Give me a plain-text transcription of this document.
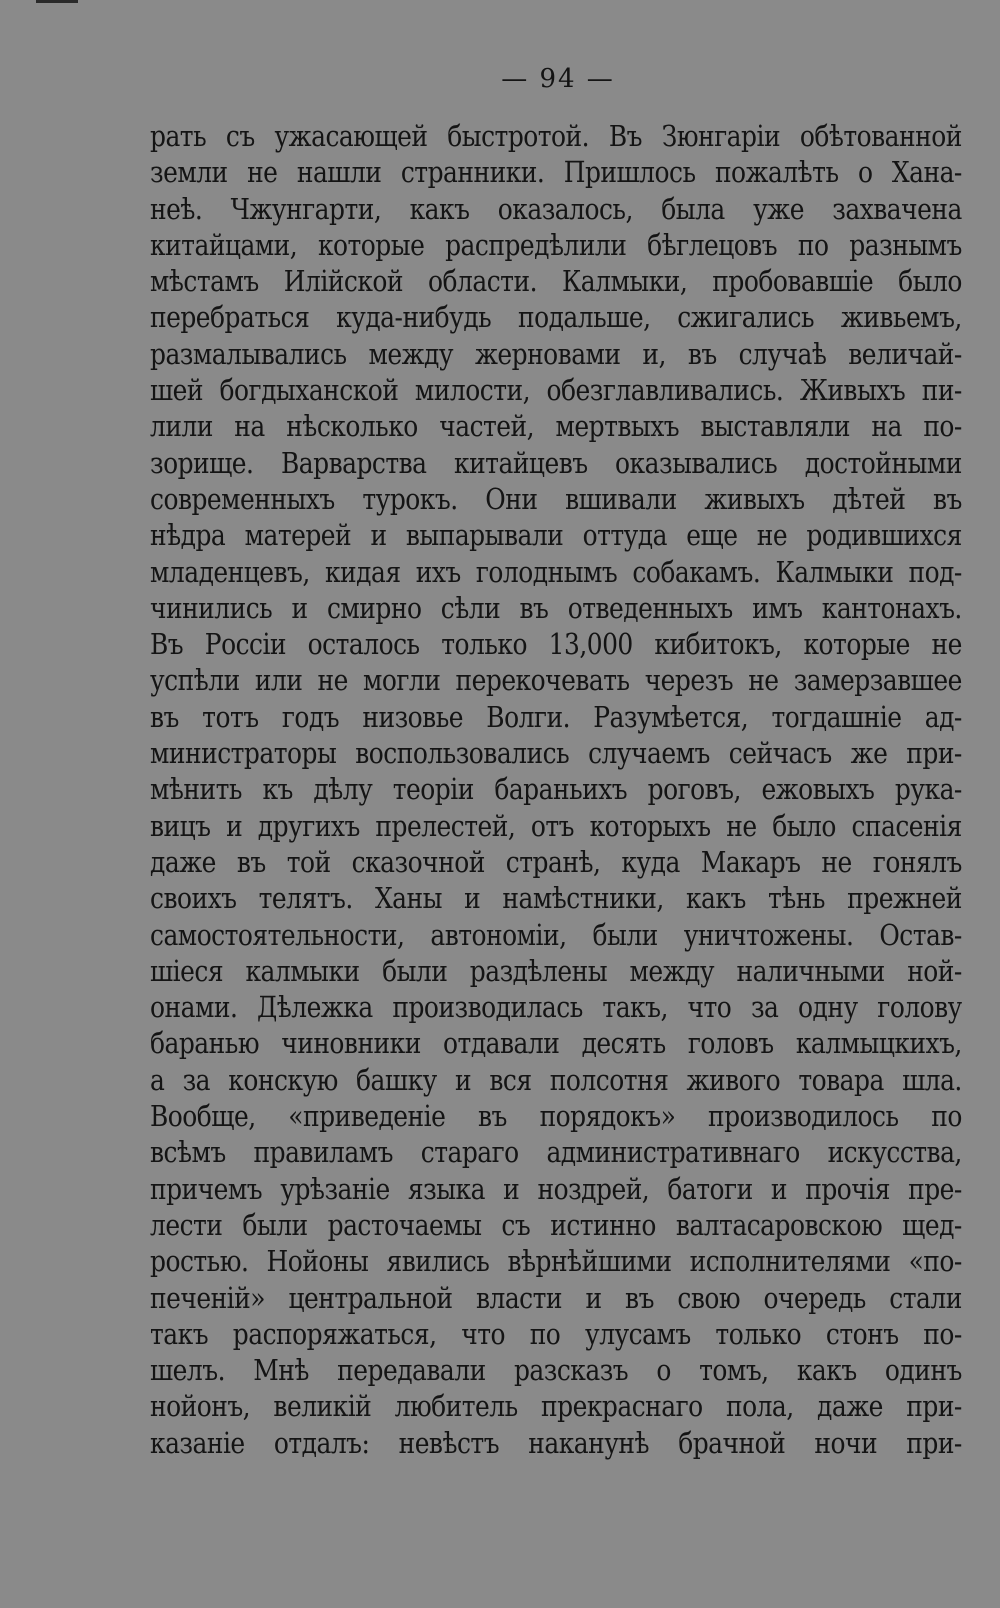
— 94 —
рать съ ужасающей быстротой. Въ Зюнгаріи обѣтованной
земли не нашли странники. Пришлось пожалѣть о Хана-
неѣ. Чжунгарти, какъ оказалось, была уже захвачена
китайцами, которые распредѣлили бѣглецовъ по разнымъ
мѣстамъ Илійской области. Калмыки, пробовавшіе было
перебраться куда-нибудь подальше, сжигались живьемъ,
размалывались между жерновами и, въ случаѣ величай-
шей богдыханской милости, обезглавливались. Живыхъ пи-
лили на нѣсколько частей, мертвыхъ выставляли на по-
зорище. Варварства китайцевъ оказывались достойными
современныхъ турокъ. Они вшивали живыхъ дѣтей въ
нѣдра матерей и выпарывали оттуда еще не родившихся
младенцевъ, кидая ихъ голоднымъ собакамъ. Калмыки под-
чинились и смирно сѣли въ отведенныхъ имъ кантонахъ.
Въ Россіи осталось только 13,000 кибитокъ, которые не
успѣли или не могли перекочевать черезъ не замерзавшее
въ тотъ годъ низовье Волги. Разумѣется, тогдашніе ад-
министраторы воспользовались случаемъ сейчасъ же при-
мѣнить къ дѣлу теоріи бараньихъ роговъ, ежовыхъ рука-
вицъ и другихъ прелестей, отъ которыхъ не было спасенія
даже въ той сказочной странѣ, куда Макаръ не гонялъ
своихъ телятъ. Ханы и намѣстники, какъ тѣнь прежней
самостоятельности, автономіи, были уничтожены. Остав-
шіеся калмыки были раздѣлены между наличными ной-
онами. Дѣлежка производилась такъ, что за одну голову
баранью чиновники отдавали десять головъ калмыцкихъ,
а за конскую башку и вся полсотня живого товара шла.
Вообще, «приведеніе въ порядокъ» производилось по
всѣмъ правиламъ стараго административнаго искусства,
причемъ урѣзаніе языка и ноздрей, батоги и прочія пре-
лести были расточаемы съ истинно валтасаровскою щед-
ростью. Нойоны явились вѣрнѣйшими исполнителями «по-
печеній» центральной власти и въ свою очередь стали
такъ распоряжаться, что по улусамъ только стонъ по-
шелъ. Мнѣ передавали разсказъ о томъ, какъ одинъ
нойонъ, великій любитель прекраснаго пола, даже при-
казаніе отдалъ: невѣстъ наканунѣ брачной ночи при-
